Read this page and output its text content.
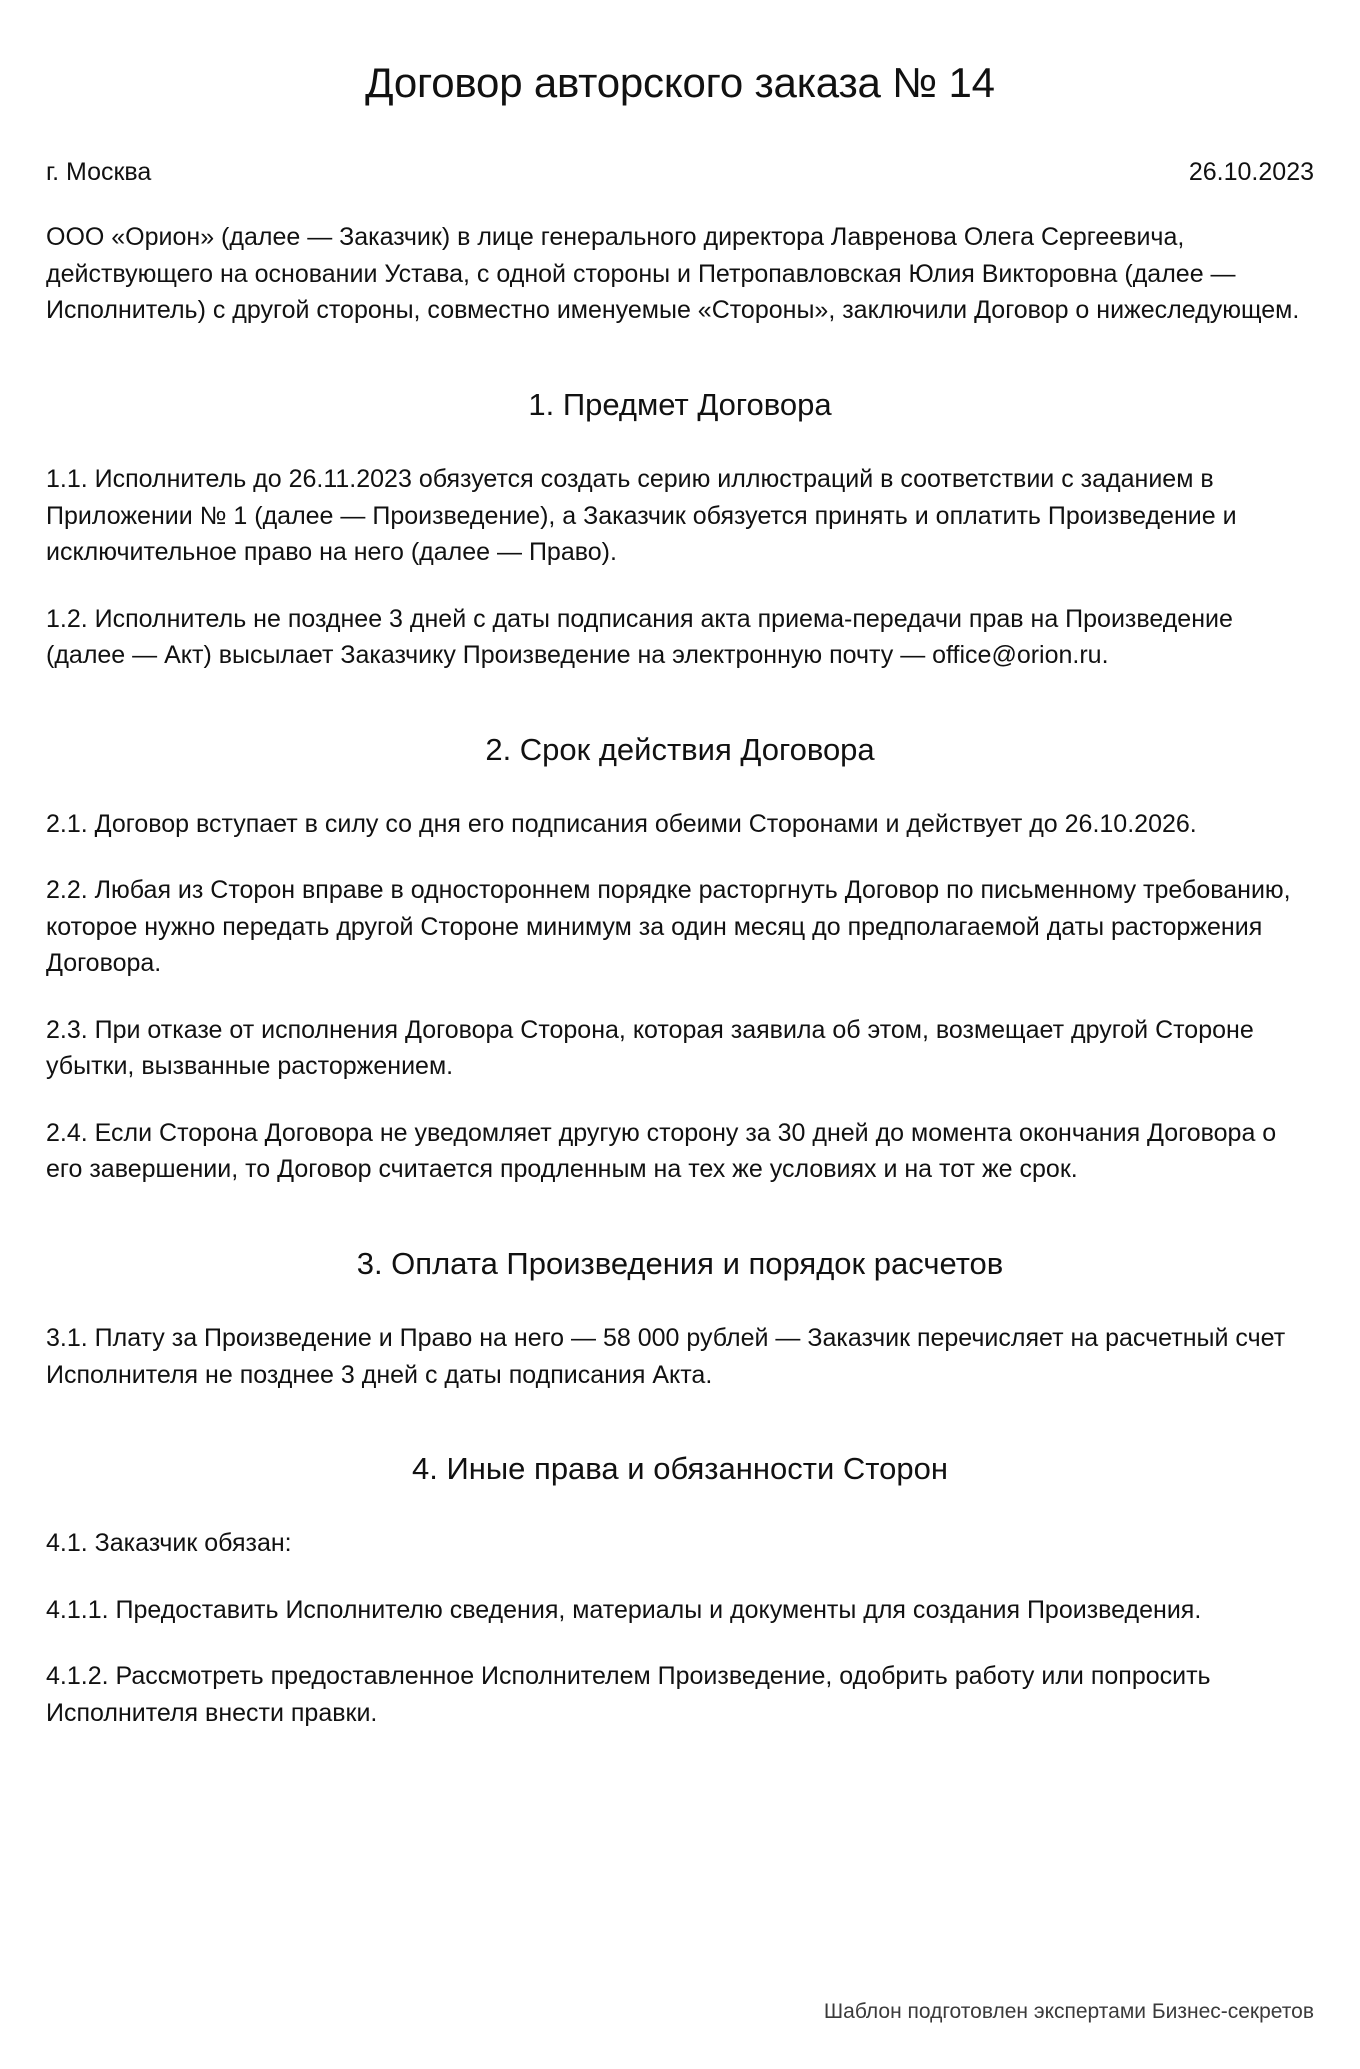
Договор авторского заказа № 14
г. Москва	26.10.2023

ООО «Орион» (далее — Заказчик) в лице генерального директора Лавренова Олега Сергеевича, действующего на основании Устава, с одной стороны и Петропавловская Юлия Викторовна (далее — Исполнитель) с другой стороны, совместно именуемые «Стороны», заключили Договор о нижеследующем.

1. Предмет Договора

1.1. Исполнитель до 26.11.2023 обязуется создать серию иллюстраций в соответствии с заданием в Приложении № 1 (далее — Произведение), а Заказчик обязуется принять и оплатить Произведение и исключительное право на него (далее — Право).

1.2. Исполнитель не позднее 3 дней с даты подписания акта приема-передачи прав на Произведение (далее — Акт) высылает Заказчику Произведение на электронную почту — office@orion.ru.

2. Срок действия Договора

2.1. Договор вступает в силу со дня его подписания обеими Сторонами и действует до 26.10.2026.

2.2. Любая из Сторон вправе в одностороннем порядке расторгнуть Договор по письменному требованию, которое нужно передать другой Стороне минимум за один месяц до предполагаемой даты расторжения Договора.

2.3. При отказе от исполнения Договора Сторона, которая заявила об этом, возмещает другой Стороне убытки, вызванные расторжением.

2.4. Если Сторона Договора не уведомляет другую сторону за 30 дней до момента окончания Договора о его завершении, то Договор считается продленным на тех же условиях и на тот же срок.

3. Оплата Произведения и порядок расчетов

3.1. Плату за Произведение и Право на него — 58 000 рублей — Заказчик перечисляет на расчетный счет Исполнителя не позднее 3 дней с даты подписания Акта.

4. Иные права и обязанности Сторон

4.1. Заказчик обязан:

4.1.1. Предоставить Исполнителю сведения, материалы и документы для создания Произведения.

4.1.2. Рассмотреть предоставленное Исполнителем Произведение, одобрить работу или попросить Исполнителя внести правки.

Шаблон подготовлен экспертами Бизнес-секретов
